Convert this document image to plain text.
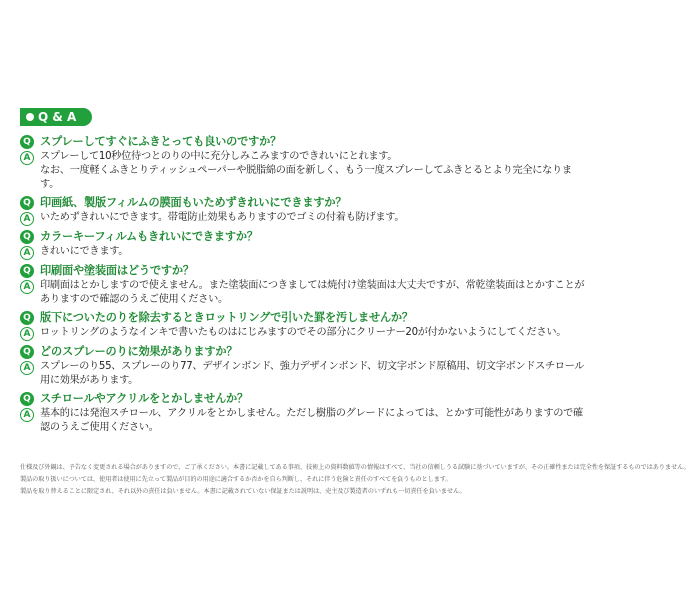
Q & A
Q スプレーしてすぐにふきとっても良いのですか？
A スプレーして10秒位待つとのりの中に充分しみこみますのできれいにとれます。
なお、一度軽くふきとりティッシュペーパーや脱脂綿の面を新しく、もう一度スプレーしてふきとるとより完全になります。
Q 印画紙、製版フィルムの膜面もいためずきれいにできますか？
A いためずきれいにできます。帯電防止効果もありますのでゴミの付着も防げます。
Q カラーキーフィルムもきれいにできますか？
A きれいにできます。
Q 印刷面や塗装面はどうですか？
A 印刷面はとかしますので使えません。また塗装面につきましては焼付け塗装面は大丈夫ですが、常乾塗装面はとかすことがありますので確認のうえご使用ください。
Q 版下についたのりを除去するときロットリングで引いた罫を汚しませんか？
A ロットリングのようなインキで書いたものはにじみますのでその部分にクリーナー20が付かないようにしてください。
Q どのスプレーのりに効果がありますか？
A スプレーのり55、スプレーのり77、デザインボンド、強力デザインボンド、切文字ボンド原稿用、切文字ボンドスチロール用に効果があります。
Q スチロールやアクリルをとかしませんか？
A 基本的には発泡スチロール、アクリルをとかしません。ただし樹脂のグレードによっては、とかす可能性がありますので確認のうえご使用ください。
仕様及び外観は、予告なく変更される場合がありますので、ご了承ください。本書に記載してある事項、技術上の資料数値等の情報はすべて、当社の信頼しうる試験に基づいていますが、その正確性または完全性を保証するものではありません。
製品の取り扱いについては、使用者は使用に先立って製品が目的の用途に適合するか否かを自ら判断し、それに伴う危険と責任のすべてを負うものとします。
製品を取り替えることに限定され、それ以外の責任は負いません。本書に記載されていない保証または説明は、売主及び製造者のいずれも一切責任を負いません。
